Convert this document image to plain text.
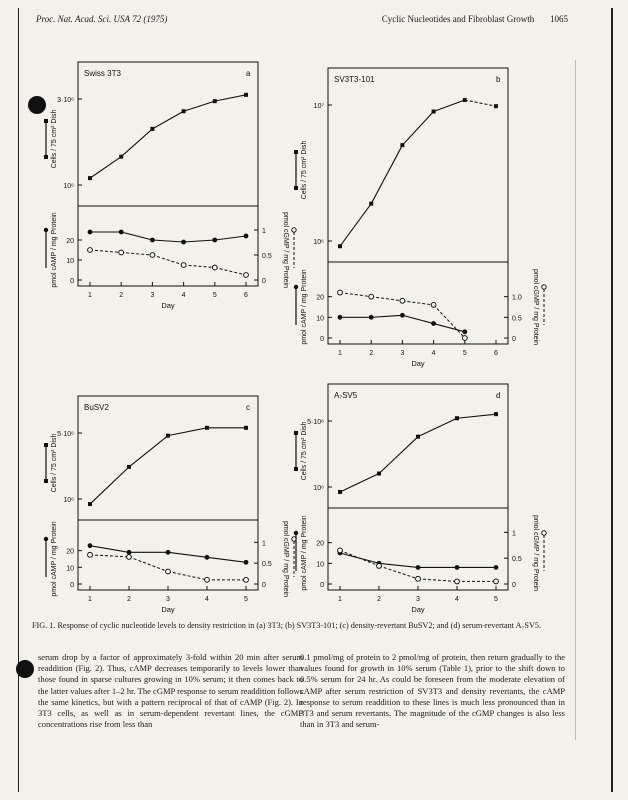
Proc. Nat. Acad. Sci. USA 72 (1975)	Cyclic Nucleotides and Fibroblast Growth 1065
Swiss 3T3	a
3·10⁶
10⁶
Cells / 75 cm² Dish
20
10
0
1
0.5
0
pmol cAMP / mg Protein	pmol cGMP / mg Protein
1	2	3	4	5	6
Day
SV3T3-101	b
10⁷
10⁶
Cells / 75 cm² Dish
20
10
0
1.0
0.5
0
pmol cAMP / mg Protein	pmol cGMP / mg Protein
1	2	3	4	5	6
Day
BuSV2	c
5·10⁶
10⁶
Cells / 75 cm² Dish
20
10
0
1
0.5
0
pmol cAMP / mg Protein	pmol cGMP / mg Protein
1	2	3	4	5
Day
A₇SV5	d
5·10⁶
10⁶
Cells / 75 cm² Dish
20
10
0
1
0.5
0
pmol cAMP / mg Protein	pmol cGMP / mg Protein
1	2	3	4	5
Day
FIG. 1. Response of cyclic nucleotide levels to density restriction in (a) 3T3; (b) SV3T3-101; (c) density-revertant BuSV2; and (d) serum-revertant A₇SV5.
serum drop by a factor of approximately 3-fold within 20 min after serum readdition (Fig. 2). Thus, cAMP decreases temporarily to levels lower than those found in sparse cultures growing in 10% serum; it then comes back to the latter values after 1–2 hr. The cGMP response to serum readdition follows the same kinetics, but with a pattern reciprocal of that of cAMP (Fig. 2). In 3T3 cells, as well as in serum-dependent revertant lines, the cGMP concentrations rise from less than
0.1 pmol/mg of protein to 2 pmol/mg of protein, then return gradually to the values found for growth in 10% serum (Table 1), prior to the shift down to 0.5% serum for 24 hr. As could be foreseen from the moderate elevation of cAMP after serum restriction of SV3T3 and density revertants, the cAMP response to serum readdition to these lines is much less pronounced than in 3T3 and serum revertants. The magnitude of the cGMP changes is also less than in 3T3 and serum-
